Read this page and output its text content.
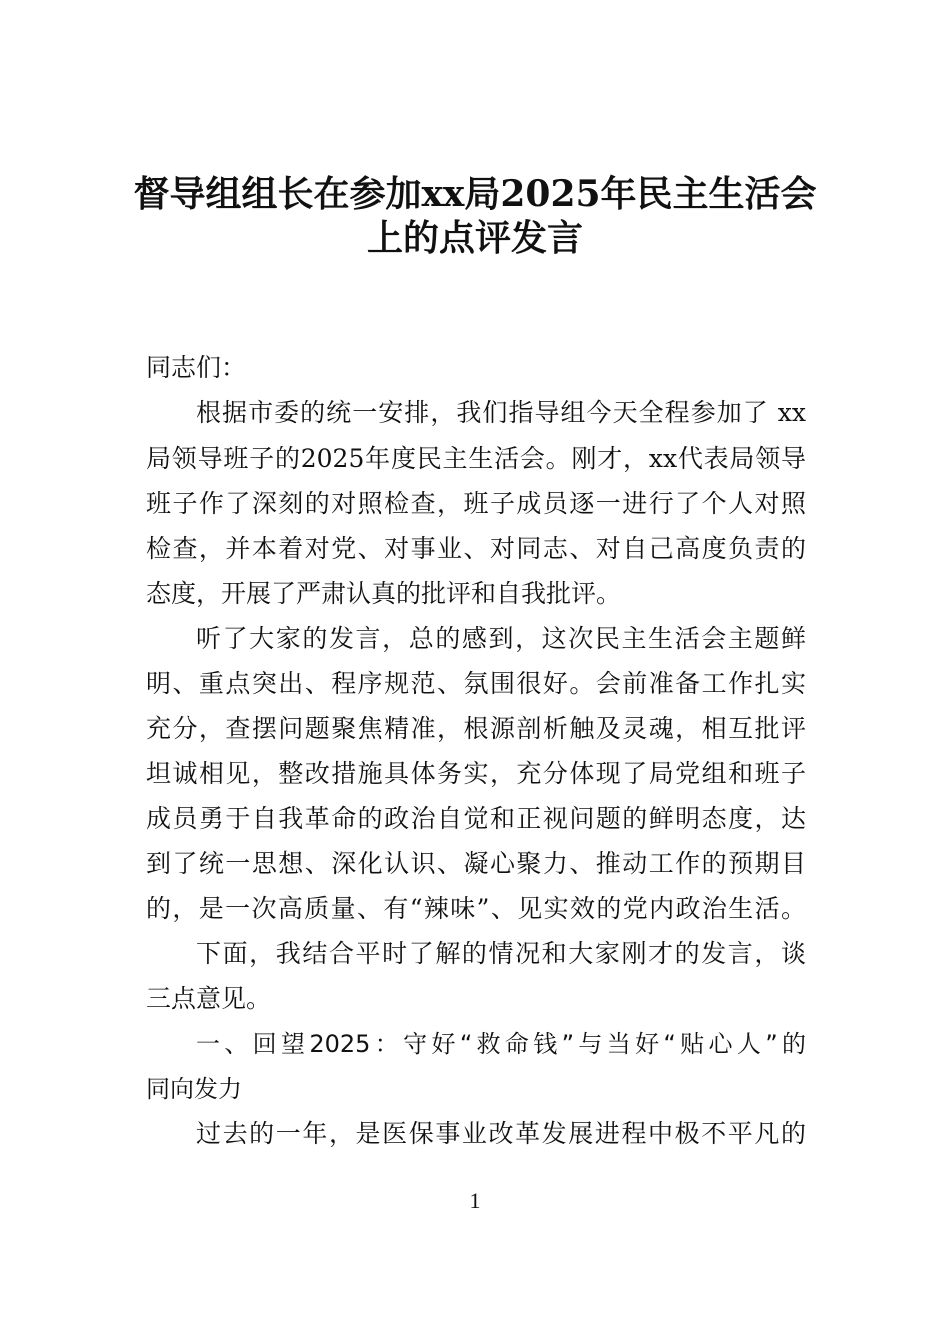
督导组组长在参加xx局2025年民主生活会
上的点评发言
同志们：
根据市委的统一安排，我们指导组今天全程参加了 xx
局领导班子的2025年度民主生活会。刚才，xx代表局领导
班子作了深刻的对照检查，班子成员逐一进行了个人对照
检查，并本着对党、对事业、对同志、对自己高度负责的
态度，开展了严肃认真的批评和自我批评。
听了大家的发言，总的感到，这次民主生活会主题鲜
明、重点突出、程序规范、氛围很好。会前准备工作扎实
充分，查摆问题聚焦精准，根源剖析触及灵魂，相互批评
坦诚相见，整改措施具体务实，充分体现了局党组和班子
成员勇于自我革命的政治自觉和正视问题的鲜明态度，达
到了统一思想、深化认识、凝心聚力、推动工作的预期目
的，是一次高质量、有“辣味”、见实效的党内政治生活。
下面，我结合平时了解的情况和大家刚才的发言，谈
三点意见。
一、回望2025：守好“救命钱”与当好“贴心人”的
同向发力
过去的一年，是医保事业改革发展进程中极不平凡的
1
